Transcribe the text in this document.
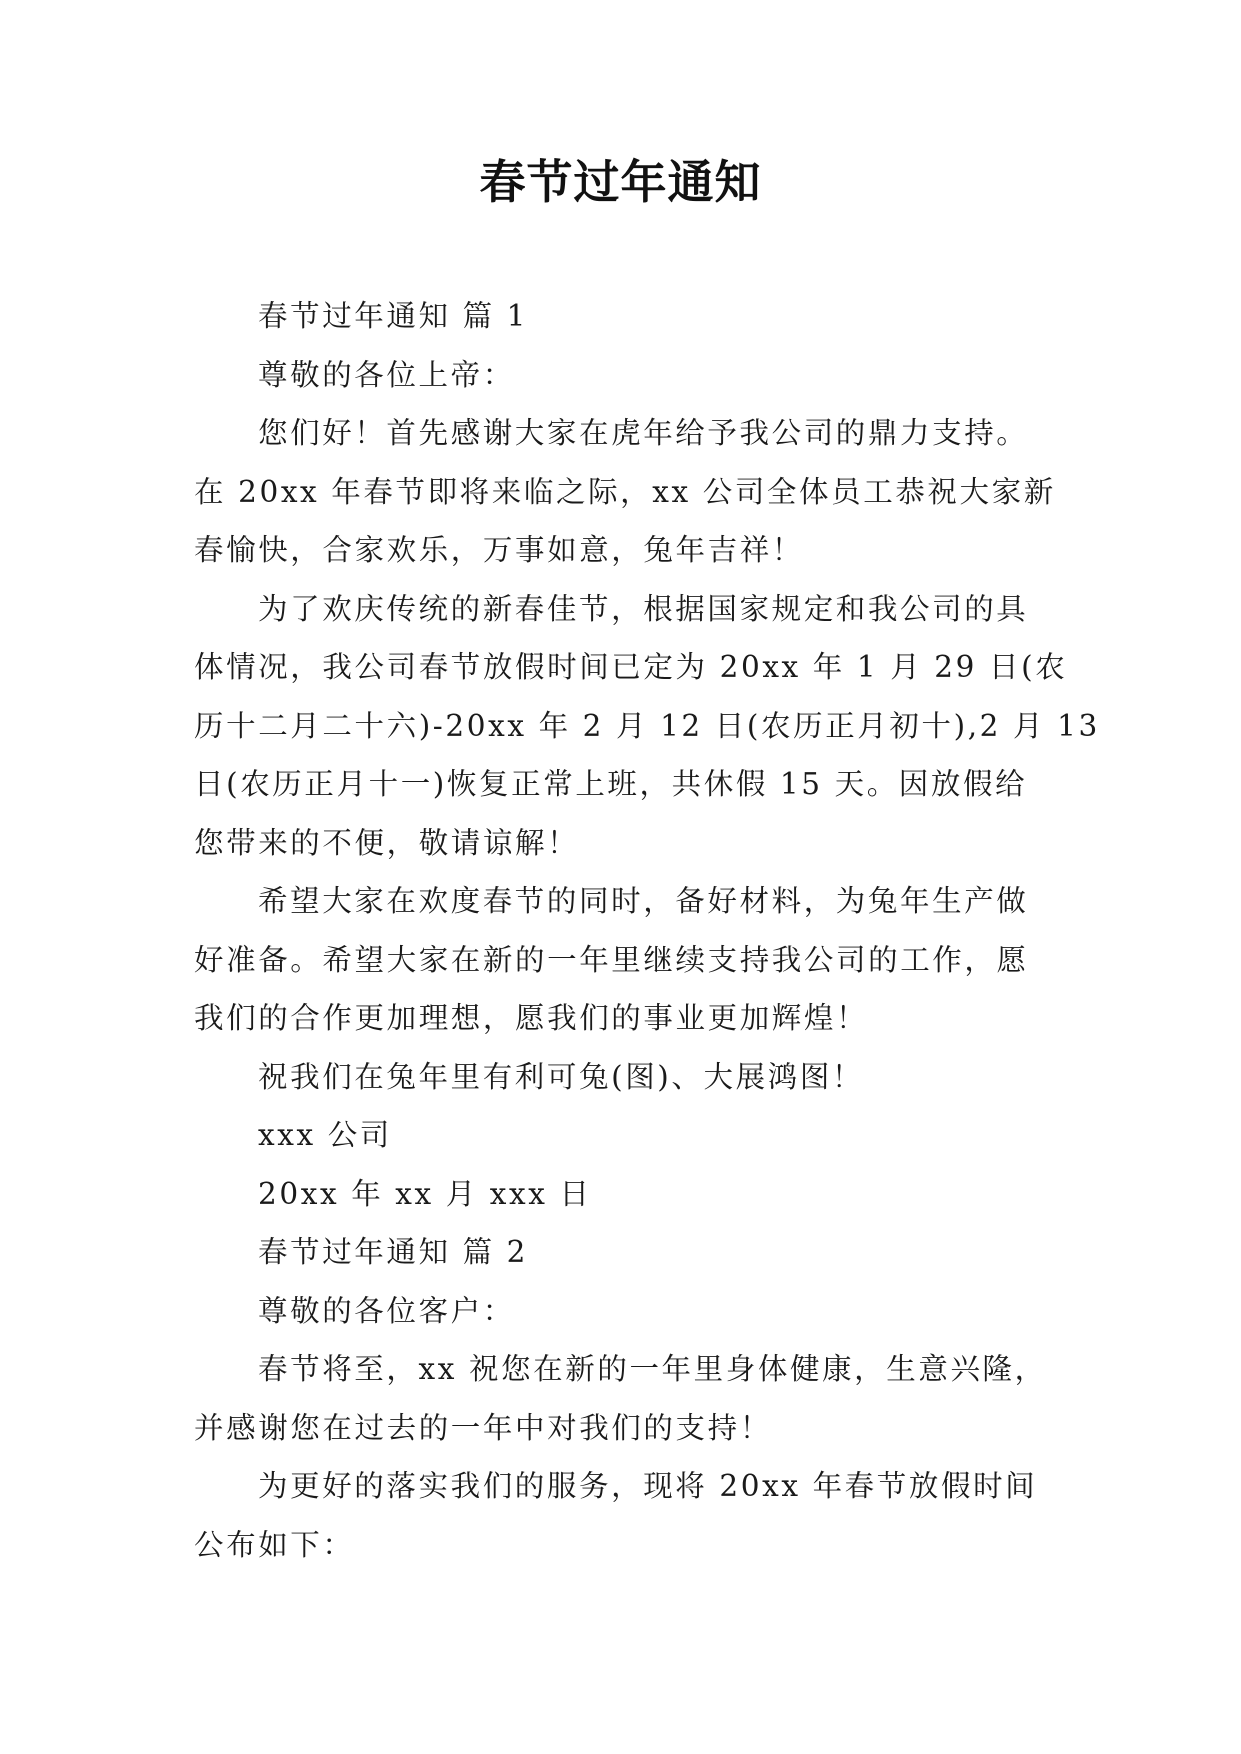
春节过年通知
春节过年通知 篇 1
尊敬的各位上帝：
您们好！首先感谢大家在虎年给予我公司的鼎力支持。
在 20xx 年春节即将来临之际，xx 公司全体员工恭祝大家新
春愉快，合家欢乐，万事如意，兔年吉祥！
为了欢庆传统的新春佳节，根据国家规定和我公司的具
体情况，我公司春节放假时间已定为 20xx 年 1 月 29 日(农
历十二月二十六)-20xx 年 2 月 12 日(农历正月初十),2 月 13
日(农历正月十一)恢复正常上班，共休假 15 天。因放假给
您带来的不便，敬请谅解！
希望大家在欢度春节的同时，备好材料，为兔年生产做
好准备。希望大家在新的一年里继续支持我公司的工作，愿
我们的合作更加理想，愿我们的事业更加辉煌！
祝我们在兔年里有利可兔(图)、大展鸿图！
xxx 公司
20xx 年 xx 月 xxx 日
春节过年通知 篇 2
尊敬的各位客户：
春节将至，xx 祝您在新的一年里身体健康，生意兴隆，
并感谢您在过去的一年中对我们的支持！
为更好的落实我们的服务，现将 20xx 年春节放假时间
公布如下：
